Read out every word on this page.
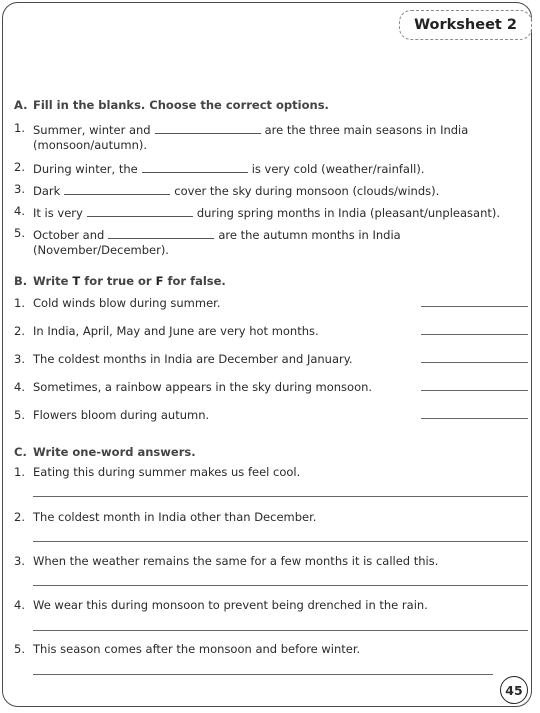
Worksheet 2
A. Fill in the blanks. Choose the correct options.
1. Summer, winter and	are the three main seasons in India
(monsoon/autumn).
2. During winter, the	is very cold (weather/rainfall).
3. Dark	cover the sky during monsoon (clouds/winds).
4. It is very	during spring months in India (pleasant/unpleasant).
5. October and	are the autumn months in India
(November/December).
B. Write T for true or F for false.
1. Cold winds blow during summer.
2. In India, April, May and June are very hot months.
3. The coldest months in India are December and January.
4. Sometimes, a rainbow appears in the sky during monsoon.
5. Flowers bloom during autumn.
C. Write one-word answers.
1. Eating this during summer makes us feel cool.
2. The coldest month in India other than December.
3. When the weather remains the same for a few months it is called this.
4. We wear this during monsoon to prevent being drenched in the rain.
5. This season comes after the monsoon and before winter.
45
